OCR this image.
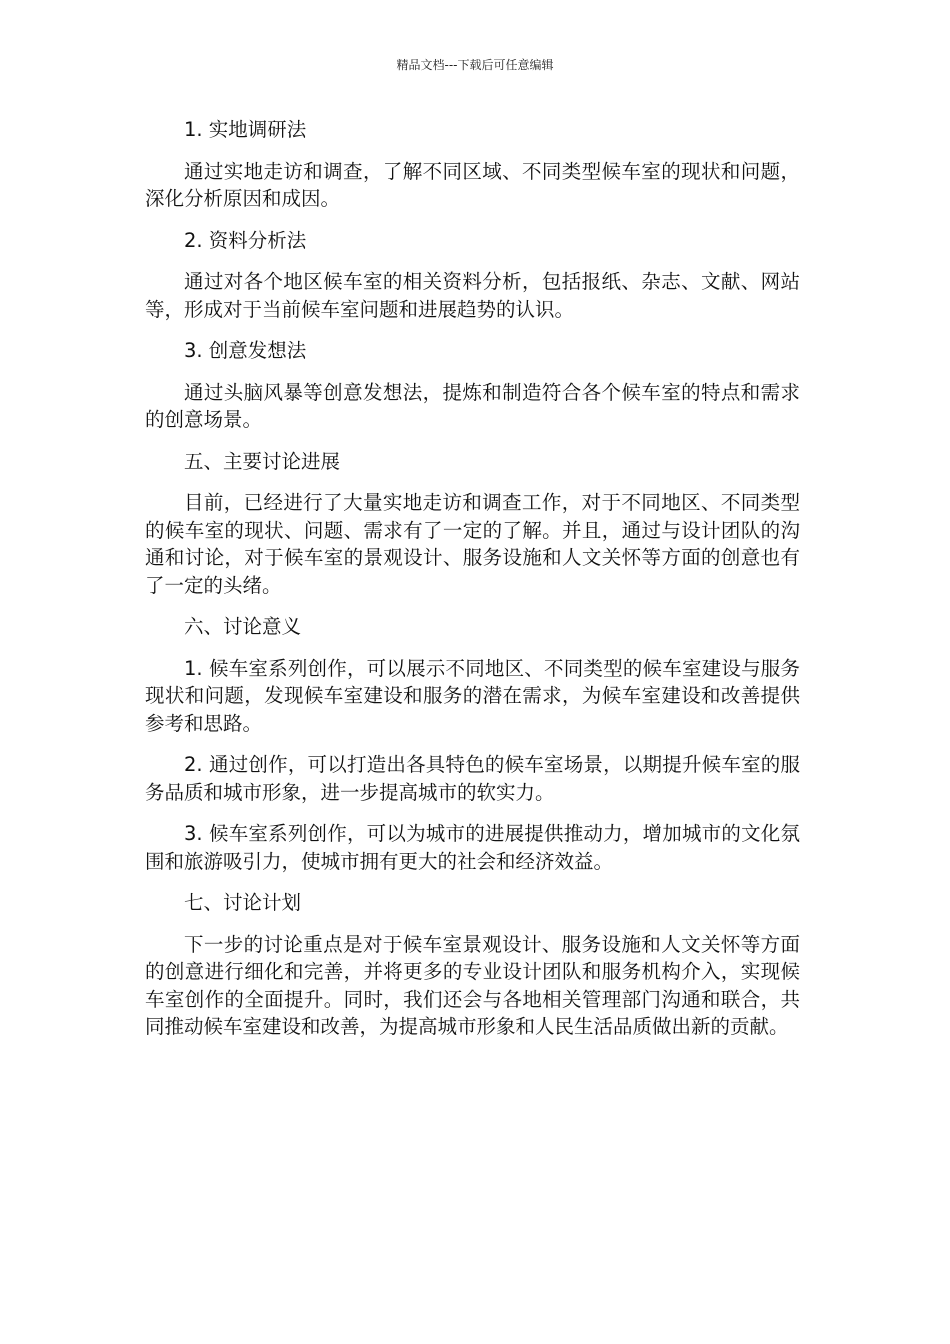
精品文档---下载后可任意编辑

1. 实地调研法

通过实地走访和调查，了解不同区域、不同类型候车室的现状和问题，深化分析原因和成因。

2. 资料分析法

通过对各个地区候车室的相关资料分析，包括报纸、杂志、文献、网站等，形成对于当前候车室问题和进展趋势的认识。

3. 创意发想法

通过头脑风暴等创意发想法，提炼和制造符合各个候车室的特点和需求的创意场景。

五、主要讨论进展

目前，已经进行了大量实地走访和调查工作，对于不同地区、不同类型的候车室的现状、问题、需求有了一定的了解。并且，通过与设计团队的沟通和讨论，对于候车室的景观设计、服务设施和人文关怀等方面的创意也有了一定的头绪。

六、讨论意义

1. 候车室系列创作，可以展示不同地区、不同类型的候车室建设与服务现状和问题，发现候车室建设和服务的潜在需求，为候车室建设和改善提供参考和思路。

2. 通过创作，可以打造出各具特色的候车室场景，以期提升候车室的服务品质和城市形象，进一步提高城市的软实力。

3. 候车室系列创作，可以为城市的进展提供推动力，增加城市的文化氛围和旅游吸引力，使城市拥有更大的社会和经济效益。

七、讨论计划

下一步的讨论重点是对于候车室景观设计、服务设施和人文关怀等方面的创意进行细化和完善，并将更多的专业设计团队和服务机构介入，实现候车室创作的全面提升。同时，我们还会与各地相关管理部门沟通和联合，共同推动候车室建设和改善，为提高城市形象和人民生活品质做出新的贡献。
